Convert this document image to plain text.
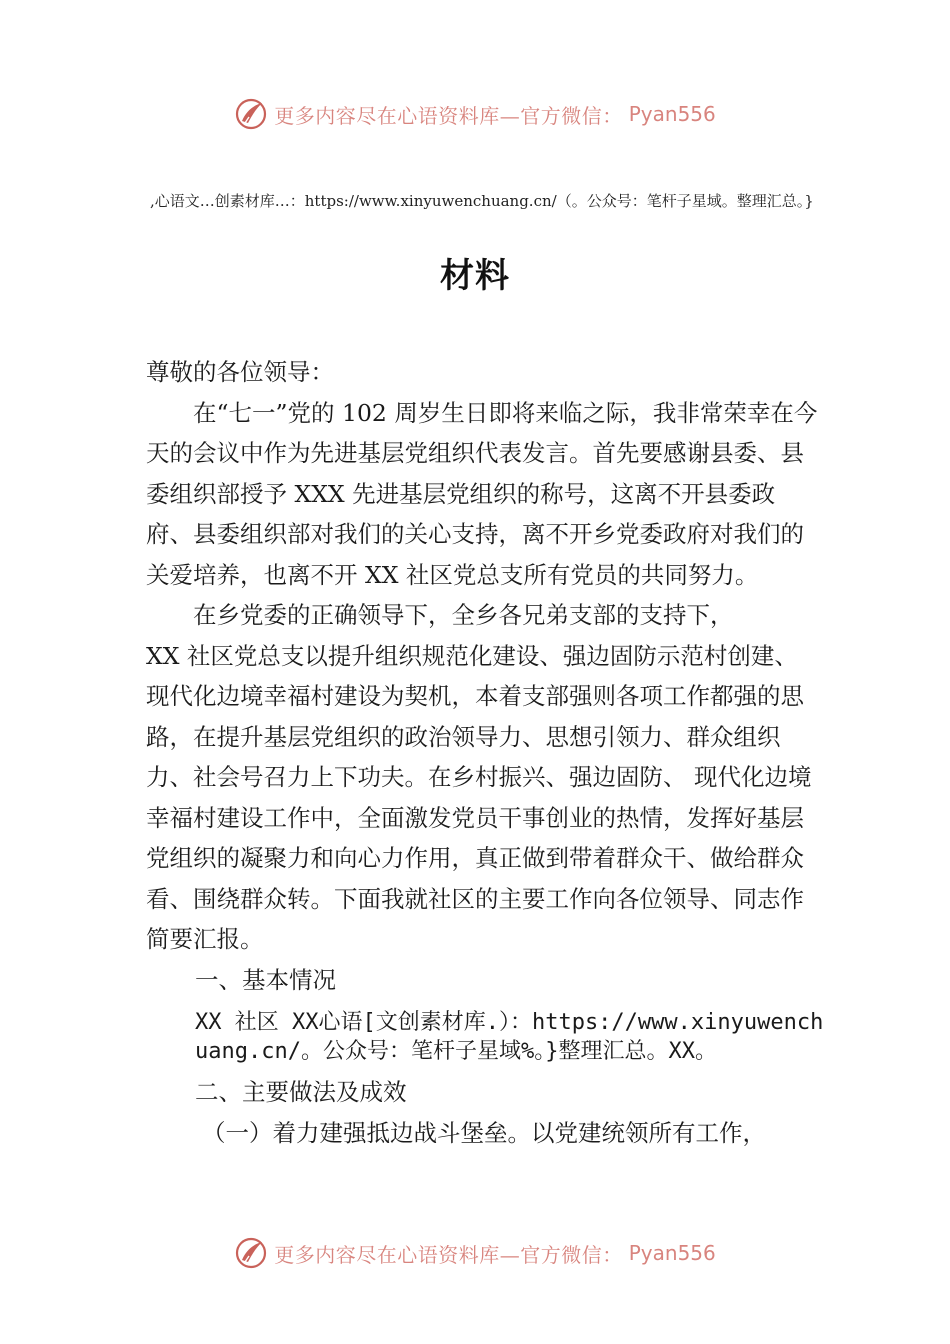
更多内容尽在心语资料库—官方微信： Pyan556
,心语文…创素材库…：https://www.xinyuwenchuang.cn/（。公众号：笔杆子星域。整理汇总。}
材料

尊敬的各位领导：

在“七一”党的 102 周岁生日即将来临之际，我非常荣幸在今天的会议中作为先进基层党组织代表发言。首先要感谢县委、县委组织部授予 XXX 先进基层党组织的称号，这离不开县委政府、县委组织部对我们的关心支持，离不开乡党委政府对我们的关爱培养，也离不开 XX 社区党总支所有党员的共同努力。

在乡党委的正确领导下，全乡各兄弟支部的支持下，

XX 社区党总支以提升组织规范化建设、强边固防示范村创建、现代化边境幸福村建设为契机，本着支部强则各项工作都强的思路，在提升基层党组织的政治领导力、思想引领力、群众组织力、社会号召力上下功夫。在乡村振兴、强边固防、 现代化边境幸福村建设工作中，全面激发党员干事创业的热情，发挥好基层党组织的凝聚力和向心力作用，真正做到带着群众干、做给群众看、围绕群众转。下面我就社区的主要工作向各位领导、同志作简要汇报。

一、基本情况

XX 社区 XX心语[文创素材库.）：https://www.xinyuwenchuang.cn/。公众号：笔杆子星域%。}整理汇总。XX。

二、主要做法及成效

（一）着力建强抵边战斗堡垒。以党建统领所有工作，

更多内容尽在心语资料库—官方微信： Pyan556
